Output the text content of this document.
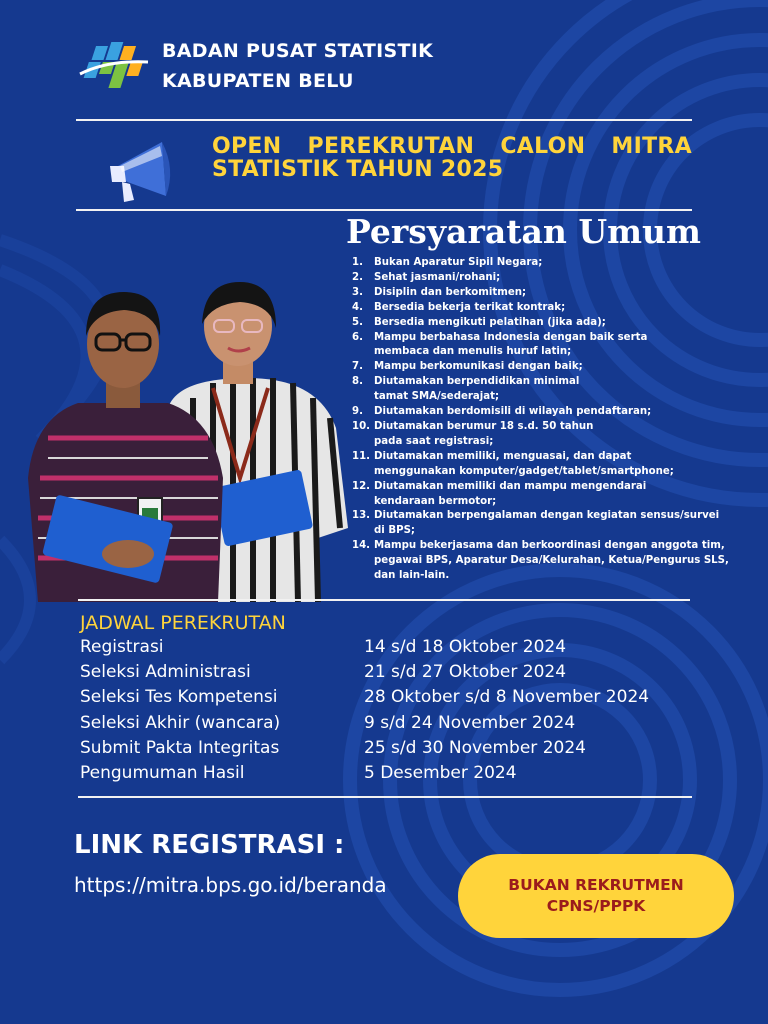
BADAN PUSAT STATISTIK
KABUPATEN BELU
OPEN PEREKRUTAN CALON MITRA
STATISTIK TAHUN 2025
Persyaratan Umum
1.	Bukan Aparatur Sipil Negara;
2.	Sehat jasmani/rohani;
3.	Disiplin dan berkomitmen;
4.	Bersedia bekerja terikat kontrak;
5.	Bersedia mengikuti pelatihan (jika ada);
6.	Mampu berbahasa Indonesia dengan baik serta
membaca dan menulis huruf latin;
7.	Mampu berkomunikasi dengan baik;
8.	Diutamakan berpendidikan minimal
tamat SMA/sederajat;
9.	Diutamakan berdomisili di wilayah pendaftaran;
10. Diutamakan berumur 18 s.d. 50 tahun
pada saat registrasi;
11. Diutamakan memiliki, menguasai, dan dapat
menggunakan komputer/gadget/tablet/smartphone;
12. Diutamakan memiliki dan mampu mengendarai
kendaraan bermotor;
13. Diutamakan berpengalaman dengan kegiatan sensus/survei
di BPS;
14. Mampu bekerjasama dan berkoordinasi dengan anggota tim,
pegawai BPS, Aparatur Desa/Kelurahan, Ketua/Pengurus SLS,
dan lain-lain.
JADWAL PEREKRUTAN
Registrasi	14 s/d 18 Oktober 2024
Seleksi Administrasi	21 s/d 27 Oktober 2024
Seleksi Tes Kompetensi	28 Oktober s/d 8 November 2024
Seleksi Akhir (wancara)	9 s/d 24 November 2024
Submit Pakta Integritas	25 s/d 30 November 2024
Pengumuman Hasil	5 Desember 2024
LINK REGISTRASI :
https://mitra.bps.go.id/beranda	BUKAN REKRUTMEN
CPNS/PPPK
